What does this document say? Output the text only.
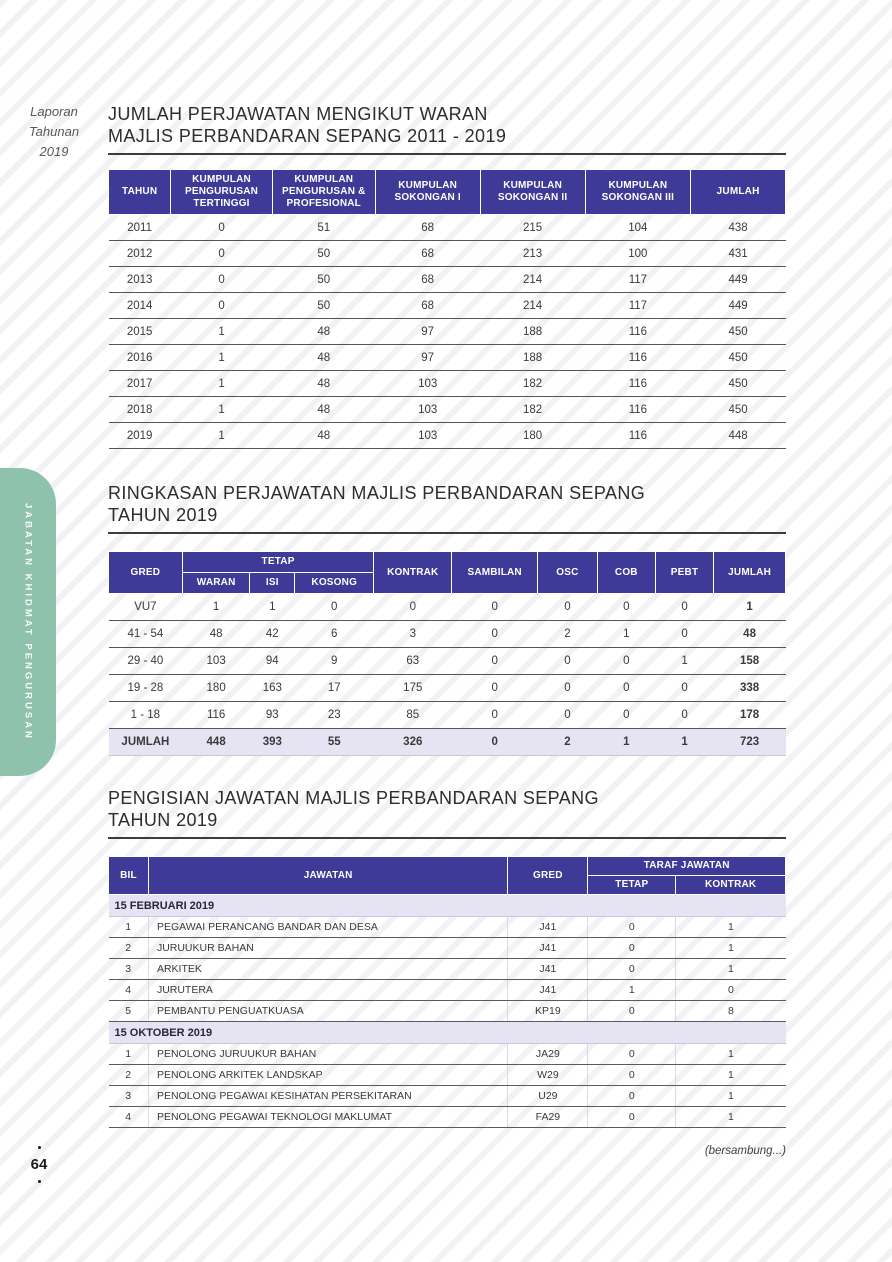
Laporan
Tahunan
2019
JABATAN KHIDMAT PENGURUSAN
JUMLAH PERJAWATAN MENGIKUT WARAN
MAJLIS PERBANDARAN SEPANG 2011 - 2019
TAHUN	KUMPULAN PENGURUSAN TERTINGGI	KUMPULAN PENGURUSAN & PROFESIONAL	KUMPULAN SOKONGAN I	KUMPULAN SOKONGAN II	KUMPULAN SOKONGAN III	JUMLAH
2011	0	51	68	215	104	438
2012	0	50	68	213	100	431
2013	0	50	68	214	117	449
2014	0	50	68	214	117	449
2015	1	48	97	188	116	450
2016	1	48	97	188	116	450
2017	1	48	103	182	116	450
2018	1	48	103	182	116	450
2019	1	48	103	180	116	448
RINGKASAN PERJAWATAN MAJLIS PERBANDARAN SEPANG
TAHUN 2019
GRED	TETAP			KONTRAK	SAMBILAN	OSC	COB	PEBT	JUMLAH
	WARAN	ISI	KOSONG						
VU7	1	1	0	0	0	0	0	0	1
41 - 54	48	42	6	3	0	2	1	0	48
29 - 40	103	94	9	63	0	0	0	1	158
19 - 28	180	163	17	175	0	0	0	0	338
1 - 18	116	93	23	85	0	0	0	0	178
JUMLAH	448	393	55	326	0	2	1	1	723
PENGISIAN JAWATAN MAJLIS PERBANDARAN SEPANG
TAHUN 2019
BIL	JAWATAN	GRED	TARAF JAWATAN	
			TETAP	KONTRAK
15 FEBRUARI 2019				
1	PEGAWAI PERANCANG BANDAR DAN DESA	J41	0	1
2	JURUUKUR BAHAN	J41	0	1
3	ARKITEK	J41	0	1
4	JURUTERA	J41	1	0
5	PEMBANTU PENGUATKUASA	KP19	0	8
15 OKTOBER 2019				
1	PENOLONG JURUUKUR BAHAN	JA29	0	1
2	PENOLONG ARKITEK LANDSKAP	W29	0	1
3	PENOLONG PEGAWAI KESIHATAN PERSEKITARAN	U29	0	1
4	PENOLONG PEGAWAI TEKNOLOGI MAKLUMAT	FA29	0	1
(bersambung...)
64
